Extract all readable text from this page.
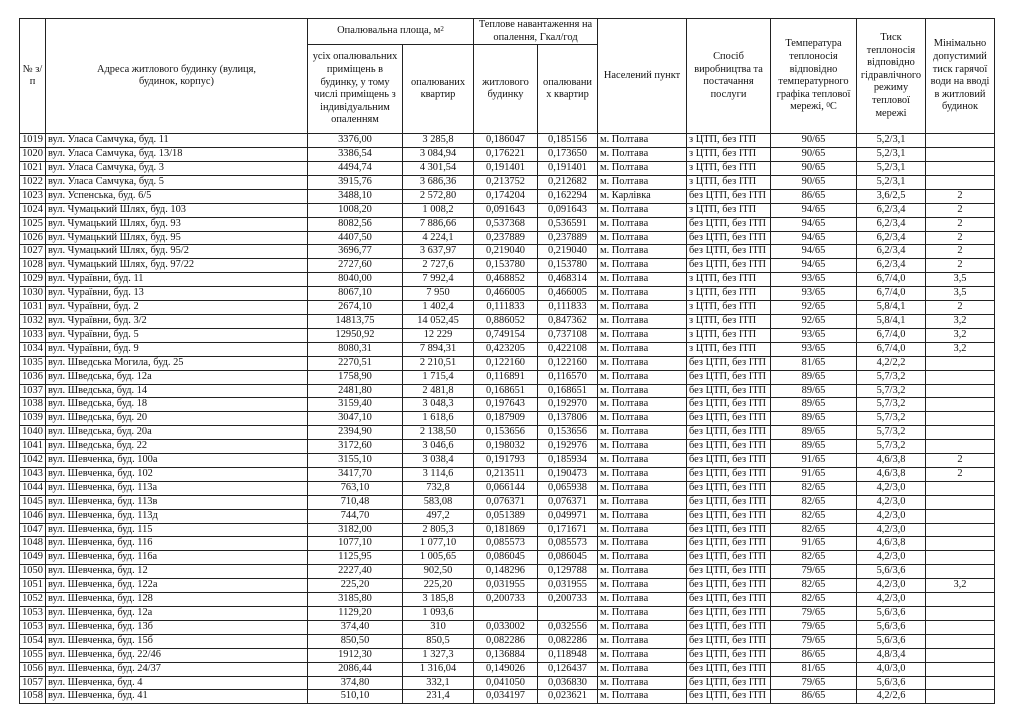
№ з/п	Адреса житлового будинку (вулиця, будинок, корпус)	Опалювальна площа, $м^2$		Теплове навантаження на опалення, Гкал/год		Населений пункт	Спосіб виробництва та постачання послуги	Температура теплоносія відповідно температурного графіка теплової мережі, $^0$C	Тиск теплоносія відповідно гідравлічного режиму теплової мережі	Мінімально допустимий тиск гарячої води на вводі в житловий будинок
		усіх опалювальних приміщень в будинку, у тому числі приміщень з індивідуальним опаленням	опалюваних квартир	житлового будинку	опалювани х квартир					
1019	вул. Уласа Самчука, буд. 11	3376,00	3 285,8	0,186047	0,185156	м. Полтава	з ЦТП, без ІТП	90/65	5,2/3,1	
1020	вул. Уласа Самчука, буд. 13/18	3386,54	3 084,94	0,176221	0,173650	м. Полтава	з ЦТП, без ІТП	90/65	5,2/3,1	
1021	вул. Уласа Самчука, буд. 3	4494,74	4 301,54	0,191401	0,191401	м. Полтава	з ЦТП, без ІТП	90/65	5,2/3,1	
1022	вул. Уласа Самчука, буд. 5	3915,76	3 686,36	0,213752	0,212682	м. Полтава	з ЦТП, без ІТП	90/65	5,2/3,1	
1023	вул. Успенська, буд. 6/5	3488,10	2 572,80	0,174204	0,162294	м. Карлівка	без ЦТП, без ІТП	86/65	3,6/2,5	2
1024	вул. Чумацький Шлях, буд. 103	1008,20	1 008,2	0,091643	0,091643	м. Полтава	з ЦТП, без ІТП	94/65	6,2/3,4	2
1025	вул. Чумацький Шлях, буд. 93	8082,56	7 886,66	0,537368	0,536591	м. Полтава	без ЦТП, без ІТП	94/65	6,2/3,4	2
1026	вул. Чумацький Шлях, буд. 95	4407,50	4 224,1	0,237889	0,237889	м. Полтава	без ЦТП, без ІТП	94/65	6,2/3,4	2
1027	вул. Чумацький Шлях, буд. 95/2	3696,77	3 637,97	0,219040	0,219040	м. Полтава	без ЦТП, без ІТП	94/65	6,2/3,4	2
1028	вул. Чумацький Шлях, буд. 97/22	2727,60	2 727,6	0,153780	0,153780	м. Полтава	без ЦТП, без ІТП	94/65	6,2/3,4	2
1029	вул. Чураївни, буд. 11	8040,00	7 992,4	0,468852	0,468314	м. Полтава	з ЦТП, без ІТП	93/65	6,7/4,0	3,5
1030	вул. Чураївни, буд. 13	8067,10	7 950	0,466005	0,466005	м. Полтава	з ЦТП, без ІТП	93/65	6,7/4,0	3,5
1031	вул. Чураївни, буд. 2	2674,10	1 402,4	0,111833	0,111833	м. Полтава	з ЦТП, без ІТП	92/65	5,8/4,1	2
1032	вул. Чураївни, буд. 3/2	14813,75	14 052,45	0,886052	0,847362	м. Полтава	з ЦТП, без ІТП	92/65	5,8/4,1	3,2
1033	вул. Чураївни, буд. 5	12950,92	12 229	0,749154	0,737108	м. Полтава	з ЦТП, без ІТП	93/65	6,7/4,0	3,2
1034	вул. Чураївни, буд. 9	8080,31	7 894,31	0,423205	0,422108	м. Полтава	з ЦТП, без ІТП	93/65	6,7/4,0	3,2
1035	вул. Шведська Могила, буд. 25	2270,51	2 210,51	0,122160	0,122160	м. Полтава	без ЦТП, без ІТП	81/65	4,2/2,2	
1036	вул. Шведська, буд. 12а	1758,90	1 715,4	0,116891	0,116570	м. Полтава	без ЦТП, без ІТП	89/65	5,7/3,2	
1037	вул. Шведська, буд. 14	2481,80	2 481,8	0,168651	0,168651	м. Полтава	без ЦТП, без ІТП	89/65	5,7/3,2	
1038	вул. Шведська, буд. 18	3159,40	3 048,3	0,197643	0,192970	м. Полтава	без ЦТП, без ІТП	89/65	5,7/3,2	
1039	вул. Шведська, буд. 20	3047,10	1 618,6	0,187909	0,137806	м. Полтава	без ЦТП, без ІТП	89/65	5,7/3,2	
1040	вул. Шведська, буд. 20а	2394,90	2 138,50	0,153656	0,153656	м. Полтава	без ЦТП, без ІТП	89/65	5,7/3,2	
1041	вул. Шведська, буд. 22	3172,60	3 046,6	0,198032	0,192976	м. Полтава	без ЦТП, без ІТП	89/65	5,7/3,2	
1042	вул. Шевченка, буд. 100а	3155,10	3 038,4	0,191793	0,185934	м. Полтава	без ЦТП, без ІТП	91/65	4,6/3,8	2
1043	вул. Шевченка, буд. 102	3417,70	3 114,6	0,213511	0,190473	м. Полтава	без ЦТП, без ІТП	91/65	4,6/3,8	2
1044	вул. Шевченка, буд. 113а	763,10	732,8	0,066144	0,065938	м. Полтава	без ЦТП, без ІТП	82/65	4,2/3,0	
1045	вул. Шевченка, буд. 113в	710,48	583,08	0,076371	0,076371	м. Полтава	без ЦТП, без ІТП	82/65	4,2/3,0	
1046	вул. Шевченка, буд. 113д	744,70	497,2	0,051389	0,049971	м. Полтава	без ЦТП, без ІТП	82/65	4,2/3,0	
1047	вул. Шевченка, буд. 115	3182,00	2 805,3	0,181869	0,171671	м. Полтава	без ЦТП, без ІТП	82/65	4,2/3,0	
1048	вул. Шевченка, буд. 116	1077,10	1 077,10	0,085573	0,085573	м. Полтава	без ЦТП, без ІТП	91/65	4,6/3,8	
1049	вул. Шевченка, буд. 116а	1125,95	1 005,65	0,086045	0,086045	м. Полтава	без ЦТП, без ІТП	82/65	4,2/3,0	
1050	вул. Шевченка, буд. 12	2227,40	902,50	0,148296	0,129788	м. Полтава	без ЦТП, без ІТП	79/65	5,6/3,6	
1051	вул. Шевченка, буд. 122а	225,20	225,20	0,031955	0,031955	м. Полтава	без ЦТП, без ІТП	82/65	4,2/3,0	3,2
1052	вул. Шевченка, буд. 128	3185,80	3 185,8	0,200733	0,200733	м. Полтава	без ЦТП, без ІТП	82/65	4,2/3,0	
1053	вул. Шевченка, буд. 12а	1129,20	1 093,6			м. Полтава	без ЦТП, без ІТП	79/65	5,6/3,6	
1053	вул. Шевченка, буд. 13б	374,40	310	0,033002	0,032556	м. Полтава	без ЦТП, без ІТП	79/65	5,6/3,6	
1054	вул. Шевченка, буд. 15б	850,50	850,5	0,082286	0,082286	м. Полтава	без ЦТП, без ІТП	79/65	5,6/3,6	
1055	вул. Шевченка, буд. 22/46	1912,30	1 327,3	0,136884	0,118948	м. Полтава	без ЦТП, без ІТП	86/65	4,8/3,4	
1056	вул. Шевченка, буд. 24/37	2086,44	1 316,04	0,149026	0,126437	м. Полтава	без ЦТП, без ІТП	81/65	4,0/3,0	
1057	вул. Шевченка, буд. 4	374,80	332,1	0,041050	0,036830	м. Полтава	без ЦТП, без ІТП	79/65	5,6/3,6	
1058	вул. Шевченка, буд. 41	510,10	231,4	0,034197	0,023621	м. Полтава	без ЦТП, без ІТП	86/65	4,2/2,6	
